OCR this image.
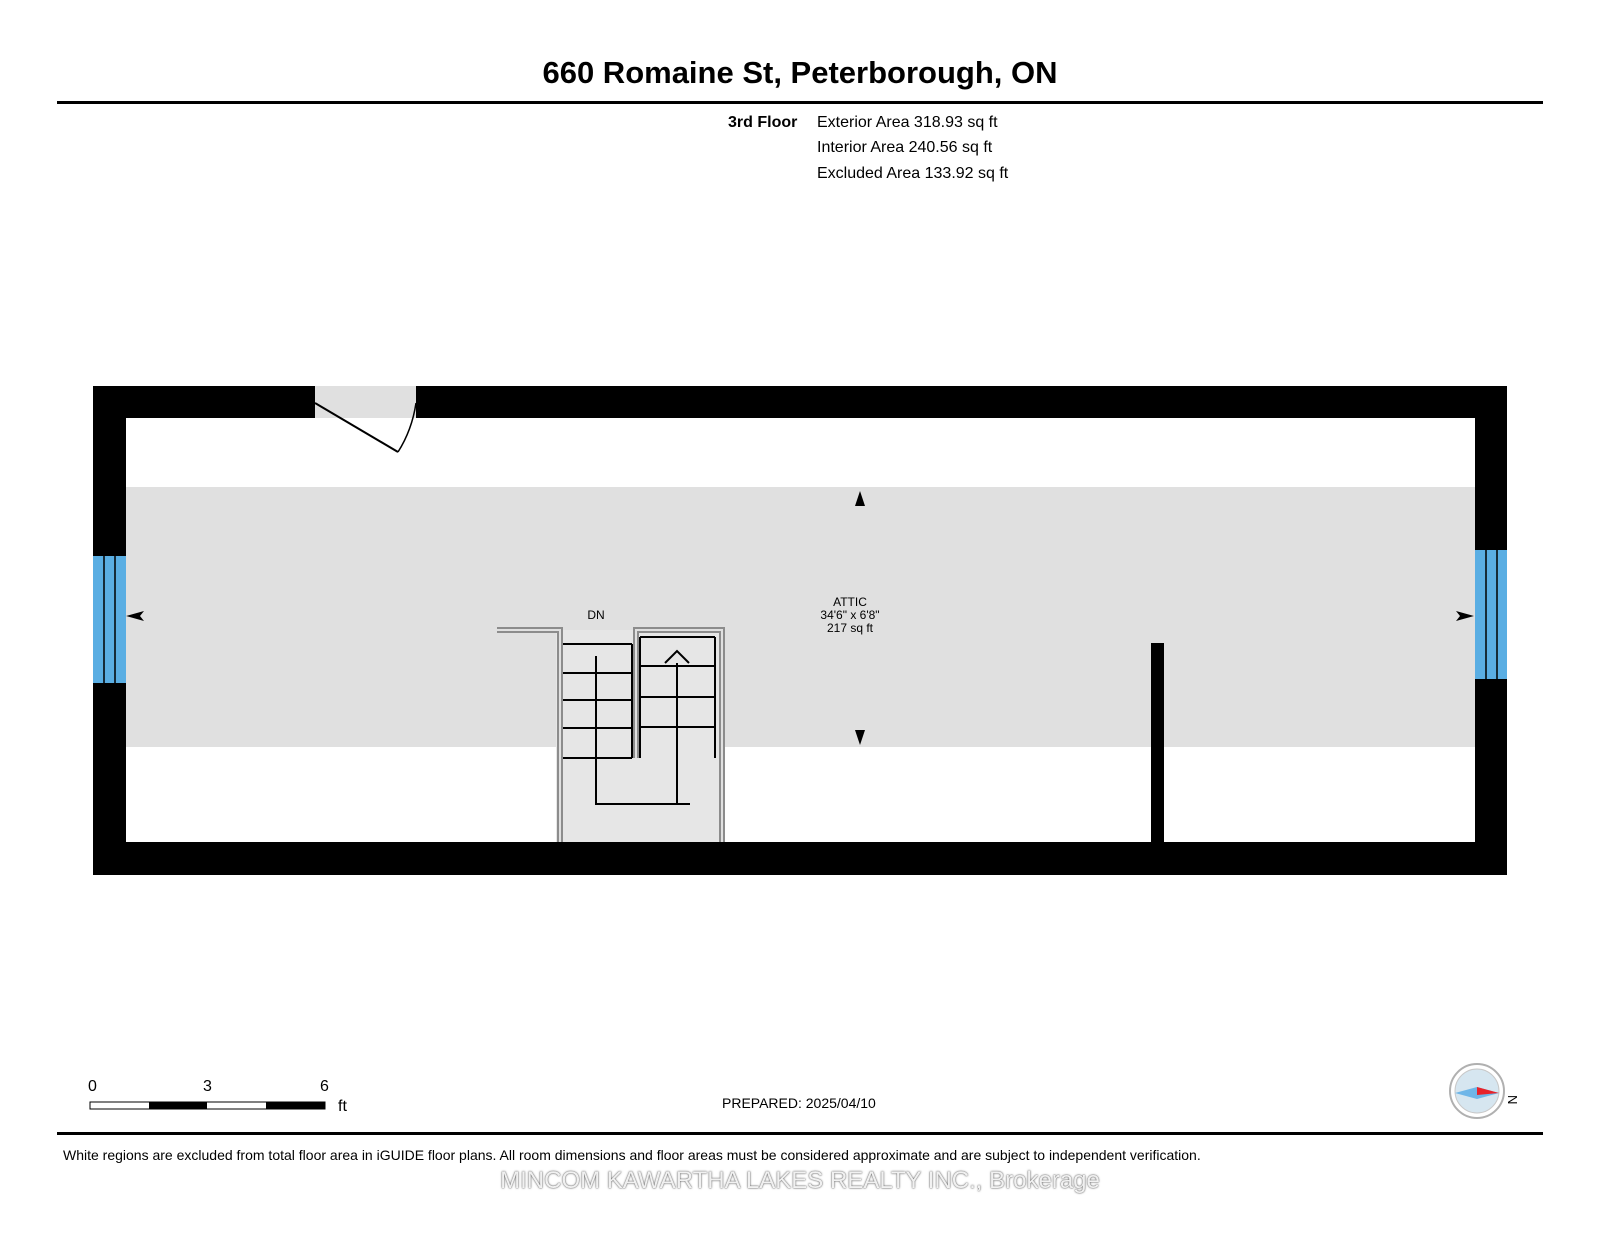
660 Romaine St, Peterborough, ON
3rd Floor Exterior Area 318.93 sq ft
Interior Area 240.56 sq ft
Excluded Area 133.92 sq ft
ATTIC
34'6" x 6'8"
217 sq ft
DN
0	3	6
ft	PREPARED: 2025/04/10	N
White regions are excluded from total floor area in iGUIDE floor plans. All room dimensions and floor areas must be considered approximate and are subject to independent verification.
MINCOM KAWARTHA LAKES REALTY INC., Brokerage
